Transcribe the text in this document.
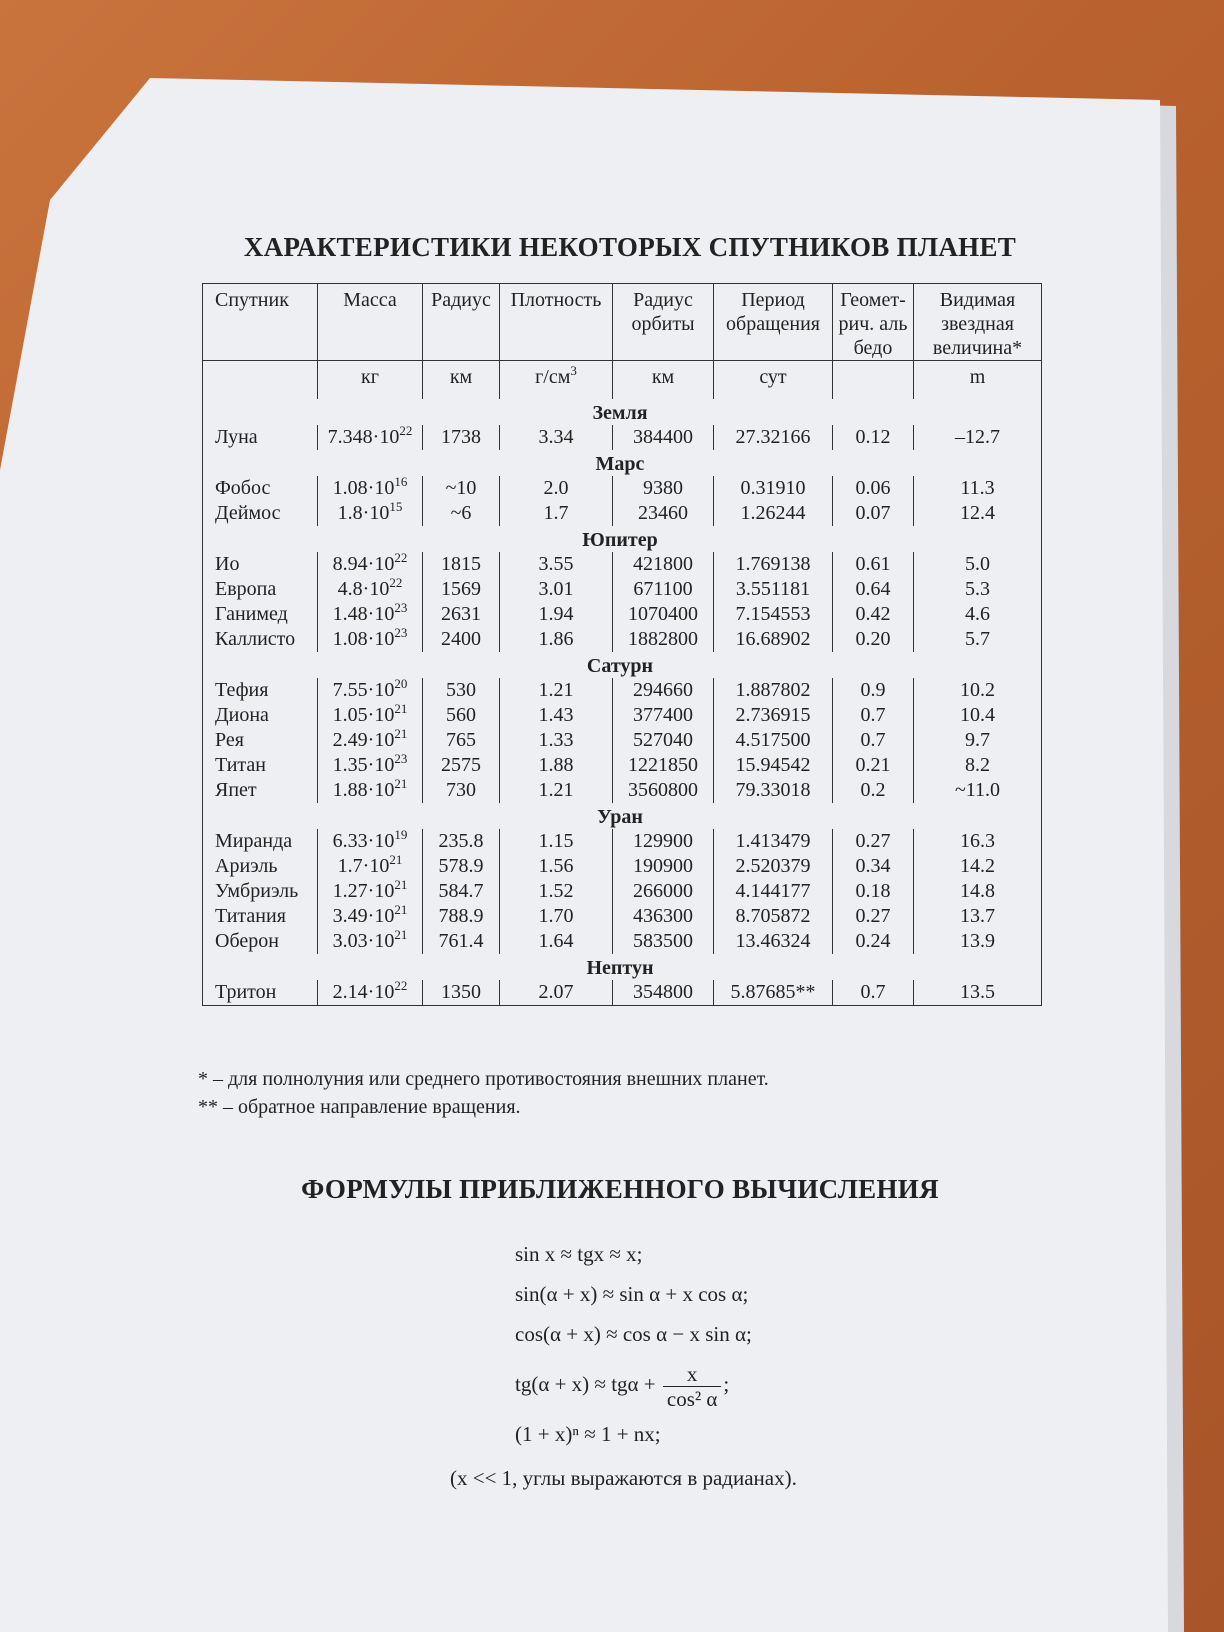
ХАРАКТЕРИСТИКИ НЕКОТОРЫХ СПУТНИКОВ ПЛАНЕТ
Спутник	Масса	Радиус	Плотность	Радиус орбиты	Период обращения	Геомет-рич. альбедо	Видимая звездная величина*
	кг	км	$г/см^3$	км	сут		m
Земля							
Луна	$7.348\cdot 10^{22}$	1738	3.34	384400	27.32166	0.12	–12.7
Марс							
Фобос	$1.08\cdot 10^{16}$	~10	2.0	9380	0.31910	0.06	11.3
Деймос	$1.8\cdot 10^{15}$	~6	1.7	23460	1.26244	0.07	12.4
Юпитер							
Ио	$8.94\cdot 10^{22}$	1815	3.55	421800	1.769138	0.61	5.0
Европа	$4.8\cdot 10^{22}$	1569	3.01	671100	3.551181	0.64	5.3
Ганимед	$1.48\cdot 10^{23}$	2631	1.94	1070400	7.154553	0.42	4.6
Каллисто	$1.08\cdot 10^{23}$	2400	1.86	1882800	16.68902	0.20	5.7
Сатурн							
Тефия	$7.55\cdot 10^{20}$	530	1.21	294660	1.887802	0.9	10.2
Диона	$1.05\cdot 10^{21}$	560	1.43	377400	2.736915	0.7	10.4
Рея	$2.49\cdot 10^{21}$	765	1.33	527040	4.517500	0.7	9.7
Титан	$1.35\cdot 10^{23}$	2575	1.88	1221850	15.94542	0.21	8.2
Япет	$1.88\cdot 10^{21}$	730	1.21	3560800	79.33018	0.2	~11.0
Уран							
Миранда	$6.33\cdot 10^{19}$	235.8	1.15	129900	1.413479	0.27	16.3
Ариэль	$1.7\cdot 10^{21}$	578.9	1.56	190900	2.520379	0.34	14.2
Умбриэль	$1.27\cdot 10^{21}$	584.7	1.52	266000	4.144177	0.18	14.8
Титания	$3.49\cdot 10^{21}$	788.9	1.70	436300	8.705872	0.27	13.7
Оберон	$3.03\cdot 10^{21}$	761.4	1.64	583500	13.46324	0.24	13.9
Нептун							
Тритон	$2.14\cdot 10^{22}$	1350	2.07	354800	5.87685**	0.7	13.5
* – для полнолуния или среднего противостояния внешних планет.
** – обратное направление вращения.
ФОРМУЛЫ ПРИБЛИЖЕННОГО ВЫЧИСЛЕНИЯ
sin x ≈ tgx ≈ x;
sin(α + x) ≈ sin α + x cos α;
cos(α + x) ≈ cos α − x sin α;
$tg(\alpha + x) \approx tg\alpha + \frac{x}{\text{cos² α}}$ ;
(1 + x)ⁿ ≈ 1 + nx;
(x << 1, углы выражаются в радианах).
